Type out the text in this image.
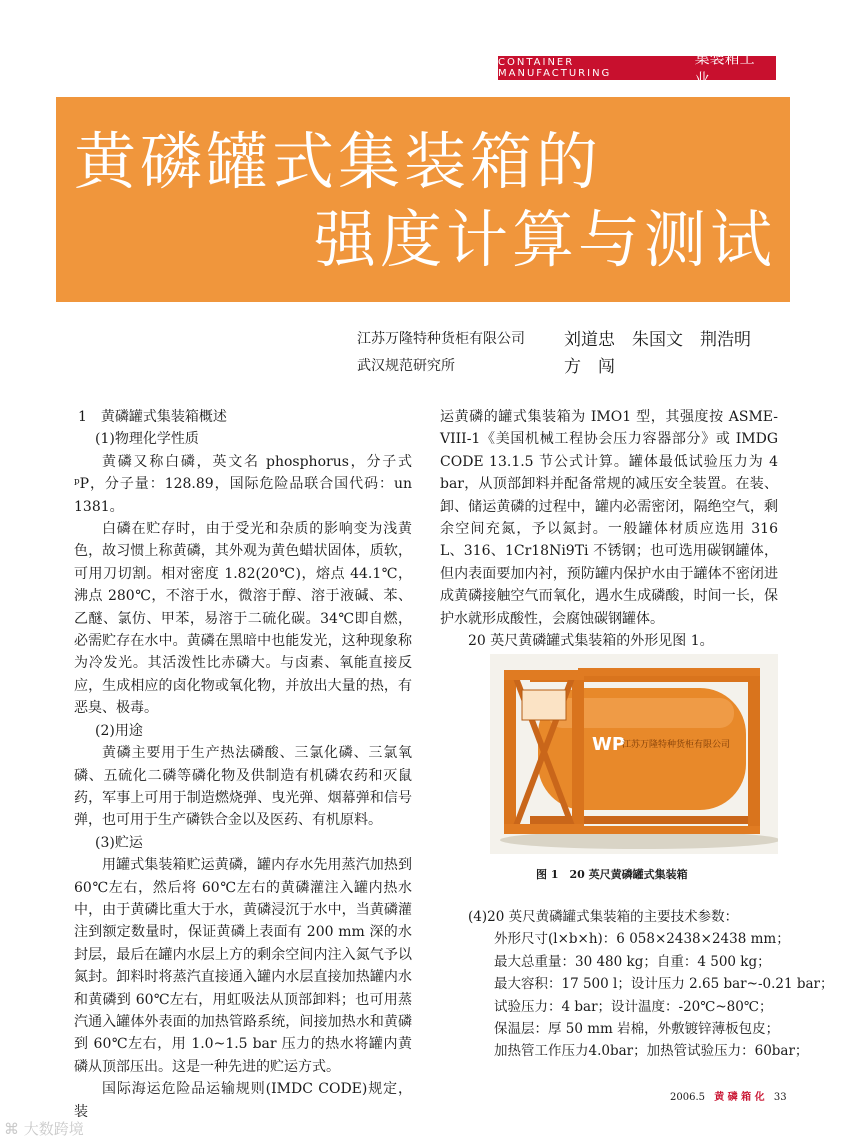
CONTAINER MANUFACTURING
集装箱工业
黄磷罐式集装箱的
强度计算与测试
江苏万隆特种货柜有限公司
武汉规范研究所
刘道忠　朱国文　荆浩明
方　闯

1　黄磷罐式集装箱概述

(1)物理化学性质

黄磷又称白磷，英文名 phosphorus，分子式 ᵖP，分子量：128.89，国际危险品联合国代码：un 1381。

白磷在贮存时，由于受光和杂质的影响变为浅黄色，故习惯上称黄磷，其外观为黄色蜡状固体，质软，可用刀切割。相对密度 1.82(20℃)，熔点 44.1℃，沸点 280℃，不溶于水，微溶于醇、溶于液碱、苯、乙醚、氯仿、甲苯，易溶于二硫化碳。34℃即自燃，必需贮存在水中。黄磷在黑暗中也能发光，这种现象称为冷发光。其活泼性比赤磷大。与卤素、氧能直接反应，生成相应的卤化物或氧化物，并放出大量的热，有恶臭、极毒。

(2)用途

黄磷主要用于生产热法磷酸、三氯化磷、三氯氧磷、五硫化二磷等磷化物及供制造有机磷农药和灭鼠药，军事上可用于制造燃烧弹、曳光弹、烟幕弹和信号弹，也可用于生产磷铁合金以及医药、有机原料。

(3)贮运

用罐式集装箱贮运黄磷，罐内存水先用蒸汽加热到 60℃左右，然后将 60℃左右的黄磷灌注入罐内热水中，由于黄磷比重大于水，黄磷浸沉于水中，当黄磷灌注到额定数量时，保证黄磷上表面有 200 mm 深的水封层，最后在罐内水层上方的剩余空间内注入氮气予以氮封。卸料时将蒸汽直接通入罐内水层直接加热罐内水和黄磷到 60℃左右，用虹吸法从顶部卸料；也可用蒸汽通入罐体外表面的加热管路系统，间接加热水和黄磷到 60℃左右，用 1.0~1.5 bar 压力的热水将罐内黄磷从顶部压出。这是一种先进的贮运方式。

国际海运危险品运输规则(IMDC CODE)规定，装

运黄磷的罐式集装箱为 IMO1 型，其强度按 ASME-VIII-1《美国机械工程协会压力容器部分》或 IMDG CODE 13.1.5 节公式计算。罐体最低试验压力为 4 bar，从顶部卸料并配备常规的减压安全装置。在装、卸、储运黄磷的过程中，罐内必需密闭，隔绝空气，剩余空间充氮，予以氮封。一般罐体材质应选用 316 L、316、1Cr18Ni9Ti 不锈钢；也可选用碳钢罐体，但内表面要加内衬，预防罐内保护水由于罐体不密闭进成黄磷接触空气而氧化，遇水生成磷酸，时间一长，保护水就形成酸性，会腐蚀碳钢罐体。

20 英尺黄磷罐式集装箱的外形见图 1。

WP
江苏万隆特种货柜有限公司
图 1　20 英尺黄磷罐式集装箱
(4)20 英尺黄磷罐式集装箱的主要技术参数：
外形尺寸(l×b×h)：6 058×2438×2438 mm；
最大总重量：30 480 kg；自重：4 500 kg；
最大容积：17 500 l；设计压力 2.65 bar~-0.21 bar；
试验压力：4 bar；设计温度：-20℃~80℃；
保温层：厚 50 mm 岩棉，外敷镀锌薄板包皮；
加热管工作压力4.0bar；加热管试验压力：60bar；
2006.5 黄 磷 箱 化 33
⌘ 大数跨境
